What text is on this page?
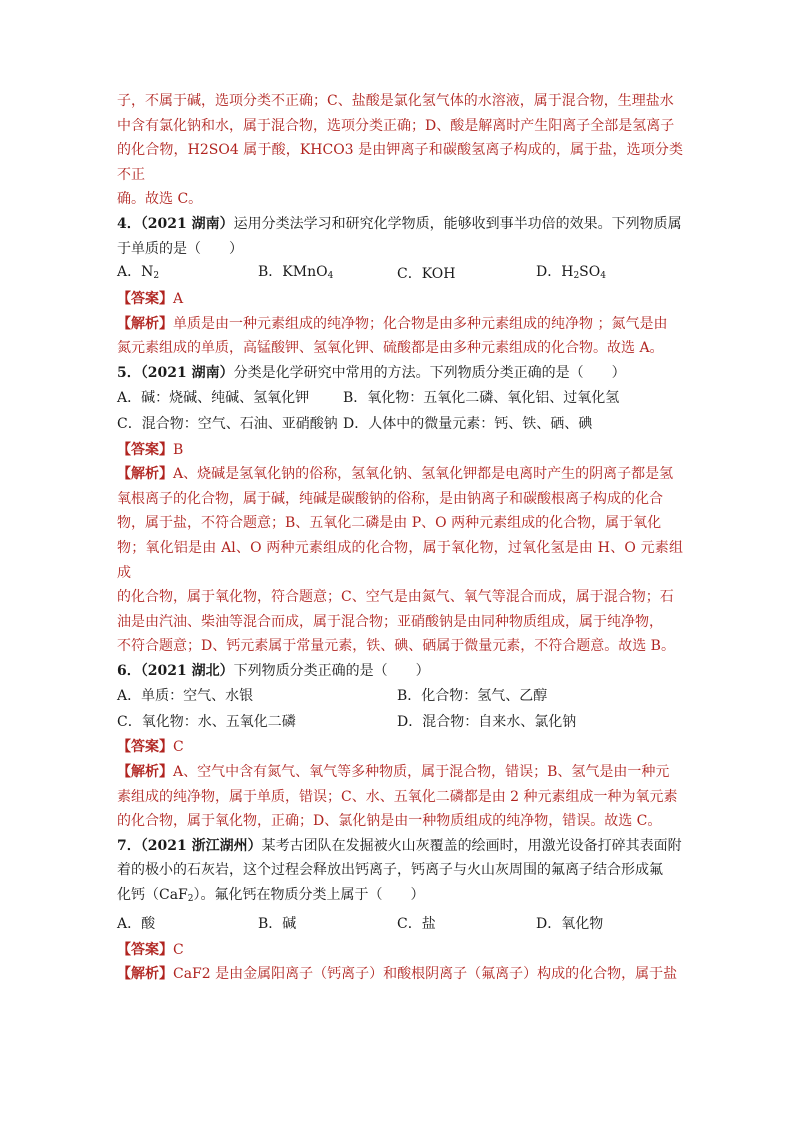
子，不属于碱，选项分类不正确；C、盐酸是氯化氢气体的水溶液，属于混合物，生理盐水

中含有氯化钠和水，属于混合物，选项分类正确；D、酸是解离时产生阳离子全部是氢离子

的化合物，H2SO4 属于酸，KHCO3 是由钾离子和碳酸氢离子构成的，属于盐，选项分类不正

确。故选 C。

4．（2021 湖南）运用分类法学习和研究化学物质，能够收到事半功倍的效果。下列物质属

于单质的是（　　）

A．N2	B．KMnO4	C．KOH	D．H2SO4

【答案】A

【解析】单质是由一种元素组成的纯净物；化合物是由多种元素组成的纯净物 ；氮气是由

氮元素组成的单质，高锰酸钾、氢氧化钾、硫酸都是由多种元素组成的化合物。故选 A。

5．（2021 湖南）分类是化学研究中常用的方法。下列物质分类正确的是（　　）

A．碱：烧碱、纯碱、氢氧化钾	B．氧化物：五氧化二磷、氧化铝、过氧化氢
C．混合物：空气、石油、亚硝酸钠 D．人体中的微量元素：钙、铁、硒、碘

【答案】B

【解析】A、烧碱是氢氧化钠的俗称，氢氧化钠、氢氧化钾都是电离时产生的阴离子都是氢

氧根离子的化合物，属于碱，纯碱是碳酸钠的俗称，是由钠离子和碳酸根离子构成的化合

物，属于盐，不符合题意；B、五氧化二磷是由 P、O 两种元素组成的化合物，属于氧化

物；氧化铝是由 Al、O 两种元素组成的化合物，属于氧化物，过氧化氢是由 H、O 元素组成

的化合物，属于氧化物，符合题意；C、空气是由氮气、氧气等混合而成，属于混合物；石

油是由汽油、柴油等混合而成，属于混合物；亚硝酸钠是由同种物质组成，属于纯净物，

不符合题意；D、钙元素属于常量元素，铁、碘、硒属于微量元素，不符合题意。故选 B。

6．（2021 湖北）下列物质分类正确的是（　　）

A．单质：空气、水银	B．化合物：氢气、乙醇
C．氧化物：水、五氧化二磷	D．混合物：自来水、氯化钠

【答案】C

【解析】A、空气中含有氮气、氧气等多种物质，属于混合物，错误；B、氢气是由一种元

素组成的纯净物，属于单质，错误；C、水、五氧化二磷都是由 2 种元素组成一种为氧元素

的化合物，属于氧化物，正确；D、氯化钠是由一种物质组成的纯净物，错误。故选 C。

7．（2021 浙江湖州）某考古团队在发掘被火山灰覆盖的绘画时，用激光设备打碎其表面附

着的极小的石灰岩，这个过程会释放出钙离子，钙离子与火山灰周围的氟离子结合形成氟

化钙（CaF$_2$）。氟化钙在物质分类上属于（　　）

A．酸	B．碱	C．盐	D．氧化物

【答案】C

【解析】CaF2 是由金属阳离子（钙离子）和酸根阴离子（氟离子）构成的化合物，属于盐
